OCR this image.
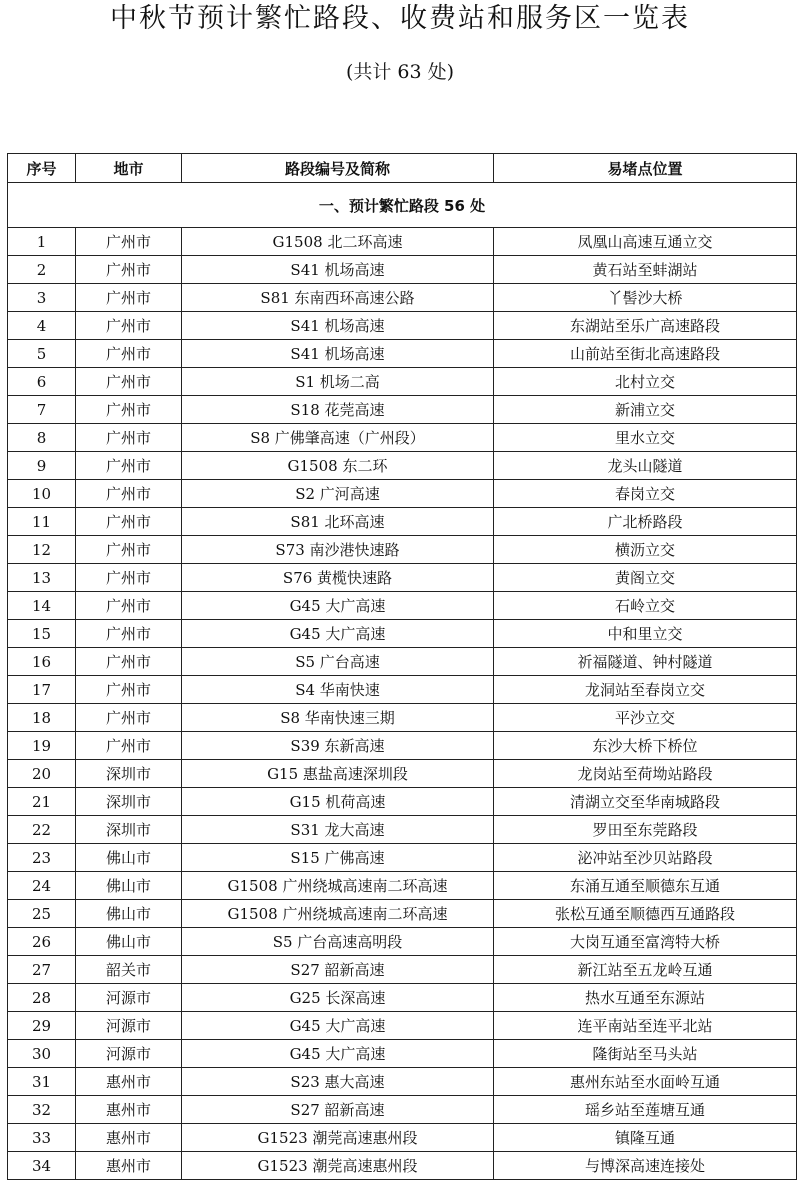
中秋节预计繁忙路段、收费站和服务区一览表
(共计 63 处)
序号	地市	路段编号及简称	易堵点位置
一、预计繁忙路段 56 处			
1	广州市	G1508 北二环高速	凤凰山高速互通立交
2	广州市	S41 机场高速	黄石站至蚌湖站
3	广州市	S81 东南西环高速公路	丫髻沙大桥
4	广州市	S41 机场高速	东湖站至乐广高速路段
5	广州市	S41 机场高速	山前站至街北高速路段
6	广州市	S1 机场二高	北村立交
7	广州市	S18 花莞高速	新浦立交
8	广州市	S8 广佛肇高速（广州段）	里水立交
9	广州市	G1508 东二环	龙头山隧道
10	广州市	S2 广河高速	春岗立交
11	广州市	S81 北环高速	广北桥路段
12	广州市	S73 南沙港快速路	横沥立交
13	广州市	S76 黄榄快速路	黄阁立交
14	广州市	G45 大广高速	石岭立交
15	广州市	G45 大广高速	中和里立交
16	广州市	S5 广台高速	祈福隧道、钟村隧道
17	广州市	S4 华南快速	龙洞站至春岗立交
18	广州市	S8 华南快速三期	平沙立交
19	广州市	S39 东新高速	东沙大桥下桥位
20	深圳市	G15 惠盐高速深圳段	龙岗站至荷坳站路段
21	深圳市	G15 机荷高速	清湖立交至华南城路段
22	深圳市	S31 龙大高速	罗田至东莞路段
23	佛山市	S15 广佛高速	泌冲站至沙贝站路段
24	佛山市	G1508 广州绕城高速南二环高速	东涌互通至顺德东互通
25	佛山市	G1508 广州绕城高速南二环高速	张松互通至顺德西互通路段
26	佛山市	S5 广台高速高明段	大岗互通至富湾特大桥
27	韶关市	S27 韶新高速	新江站至五龙岭互通
28	河源市	G25 长深高速	热水互通至东源站
29	河源市	G45 大广高速	连平南站至连平北站
30	河源市	G45 大广高速	隆街站至马头站
31	惠州市	S23 惠大高速	惠州东站至水面岭互通
32	惠州市	S27 韶新高速	瑶乡站至莲塘互通
33	惠州市	G1523 潮莞高速惠州段	镇隆互通
34	惠州市	G1523 潮莞高速惠州段	与博深高速连接处
